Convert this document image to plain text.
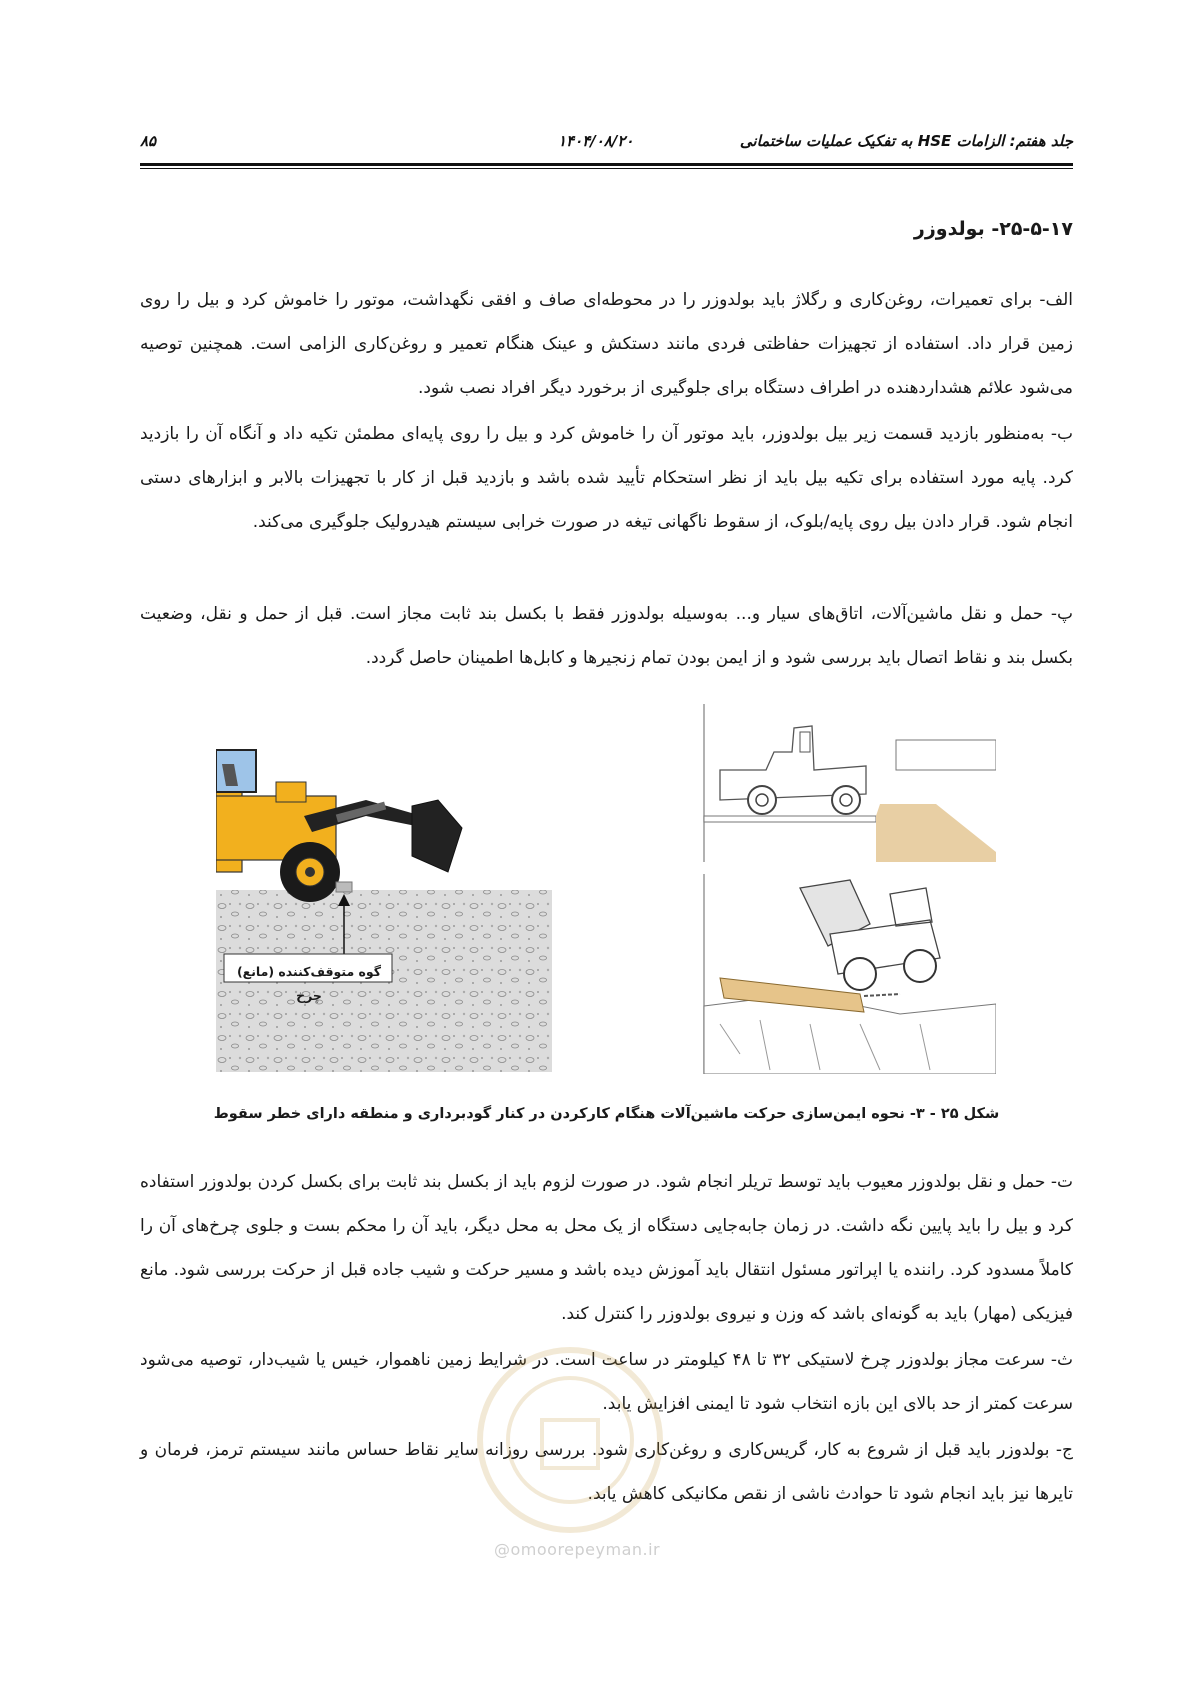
جلد هفتم: الزامات HSE به تفکیک عملیات ساختمانی
۱۴۰۴/۰۸/۲۰
۸۵
۲۵-۵-۱۷- بولدوزر
الف- برای تعمیرات، روغن‌کاری و رگلاژ باید بولدوزر را در محوطه‌ای صاف و افقی نگهداشت، موتور را خاموش کرد و بیل را روی زمین قرار داد. استفاده از تجهیزات حفاظتی فردی مانند دستکش و عینک هنگام تعمیر و روغن‌کاری الزامی است. همچنین توصیه می‌شود علائم هشداردهنده در اطراف دستگاه برای جلوگیری از برخورد دیگر افراد نصب شود.
ب- به‌منظور بازدید قسمت زیر بیل بولدوزر، باید موتور آن را خاموش کرد و بیل را روی پایه‌ای مطمئن تکیه داد و آنگاه آن را بازدید کرد. پایه مورد استفاده برای تکیه بیل باید از نظر استحکام تأیید شده باشد و بازدید قبل از کار با تجهیزات بالابر و ابزارهای دستی انجام شود. قرار دادن بیل روی پایه/بلوک، از سقوط ناگهانی تیغه در صورت خرابی سیستم هیدرولیک جلوگیری می‌کند.
پ- حمل و نقل ماشین‌آلات، اتاق‌های سیار و... به‌وسیله بولدوزر فقط با بکسل بند ثابت مجاز است. قبل از حمل و نقل، وضعیت بکسل بند و نقاط اتصال باید بررسی شود و از ایمن بودن تمام زنجیرها و کابل‌ها اطمینان حاصل گردد.
گوه متوقف‌کننده (مانع) چرخ
شکل ۲۵ - ۳- نحوه ایمن‌سازی حرکت ماشین‌آلات هنگام کارکردن در کنار گودبرداری و منطقه دارای خطر سقوط
ت- حمل و نقل بولدوزر معیوب باید توسط تریلر انجام شود. در صورت لزوم باید از بکسل بند ثابت برای بکسل کردن بولدوزر استفاده کرد و بیل را باید پایین نگه داشت. در زمان جابه‌جایی دستگاه از یک محل به محل دیگر، باید آن را محکم بست و جلوی چرخ‌های آن را کاملاً مسدود کرد. راننده یا اپراتور مسئول انتقال باید آموزش دیده باشد و مسیر حرکت و شیب جاده قبل از حرکت بررسی شود. مانع فیزیکی (مهار) باید به گونه‌ای باشد که وزن و نیروی بولدوزر را کنترل کند.
ث- سرعت مجاز بولدوزر چرخ لاستیکی ۳۲ تا ۴۸ کیلومتر در ساعت است. در شرایط زمین ناهموار، خیس یا شیب‌دار، توصیه می‌شود سرعت کمتر از حد بالای این بازه انتخاب شود تا ایمنی افزایش یابد.
ج- بولدوزر باید قبل از شروع به کار، گریس‌کاری و روغن‌کاری شود. بررسی روزانه سایر نقاط حساس مانند سیستم ترمز، فرمان و تایرها نیز باید انجام شود تا حوادث ناشی از نقص مکانیکی کاهش یابد.
@omoorepeyman.ir
